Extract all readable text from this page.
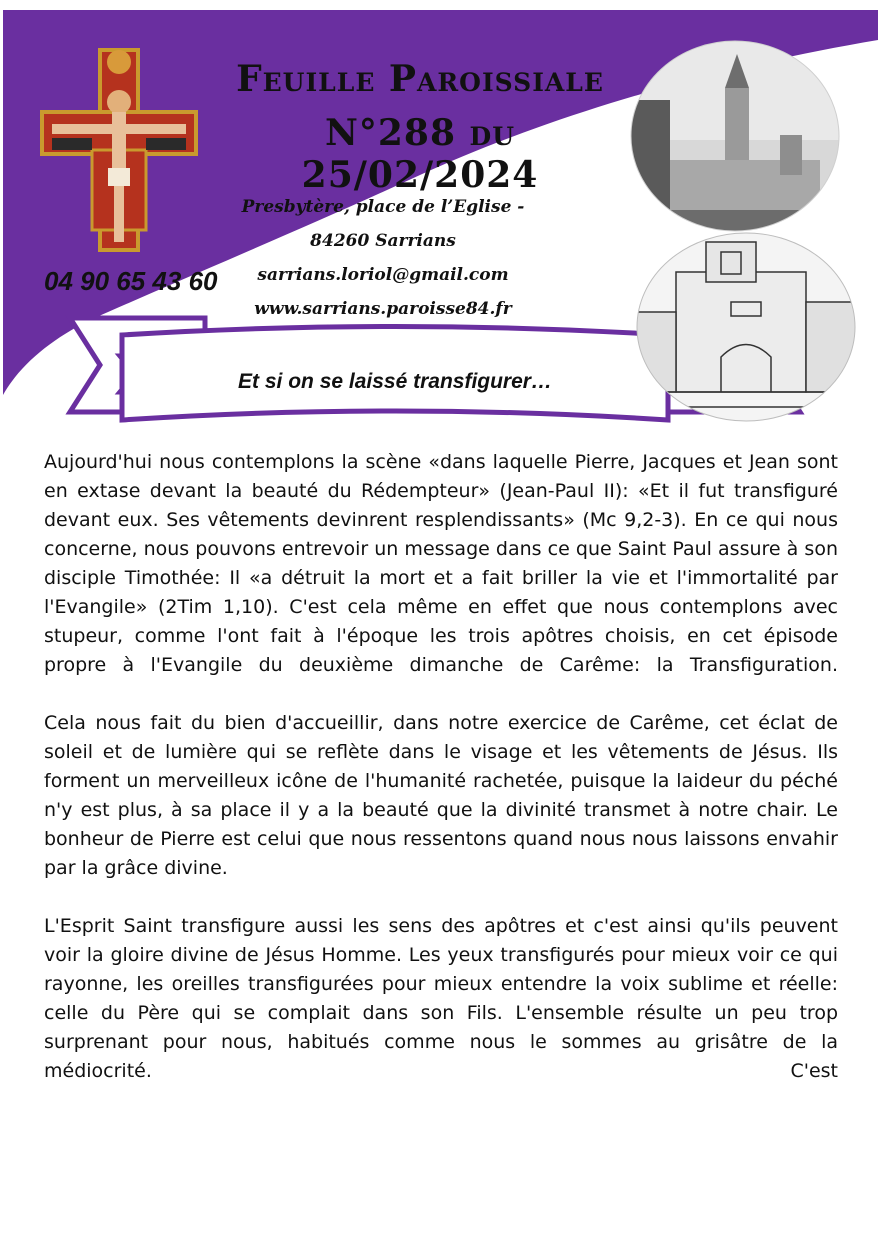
Feuille Paroissiale
N°288 du 25/02/2024
Presbytère, place de l’Eglise -
84260 Sarrians
sarrians.loriol@gmail.com
www.sarrians.paroisse84.fr
04 90 65 43 60
Et si on se laissé transfigurer…

Aujourd'hui nous contemplons la scène «dans laquelle Pierre, Jacques et Jean sont en extase devant la beauté du Rédempteur» (Jean-Paul II): «Et il fut transfiguré devant eux. Ses vêtements devinrent resplendissants» (Mc 9,2-3). En ce qui nous concerne, nous pouvons entrevoir un message dans ce que Saint Paul assure à son disciple Timothée: Il «a détruit la mort et a fait briller la vie et l'immortalité par l'Evangile» (2Tim 1,10). C'est cela même en effet que nous contemplons avec stupeur, comme l'ont fait à l'époque les trois apôtres choisis, en cet épisode propre à l'Evangile du deuxième dimanche de Carême: la Transfiguration.

Cela nous fait du bien d'accueillir, dans notre exercice de Carême, cet éclat de soleil et de lumière qui se reflète dans le visage et les vêtements de Jésus. Ils forment un merveilleux icône de l'humanité rachetée, puisque la laideur du péché n'y est plus, à sa place il y a la beauté que la divinité transmet à notre chair. Le bonheur de Pierre est celui que nous ressentons quand nous nous laissons envahir par la grâce divine.

L'Esprit Saint transfigure aussi les sens des apôtres et c'est ainsi qu'ils peuvent voir la gloire divine de Jésus Homme. Les yeux transfigurés pour mieux voir ce qui rayonne, les oreilles transfigurées pour mieux entendre la voix sublime et réelle: celle du Père qui se complait dans son Fils. L'ensemble résulte un peu trop surprenant pour nous, habitués comme nous le sommes au grisâtre de la médiocrité. C'est
